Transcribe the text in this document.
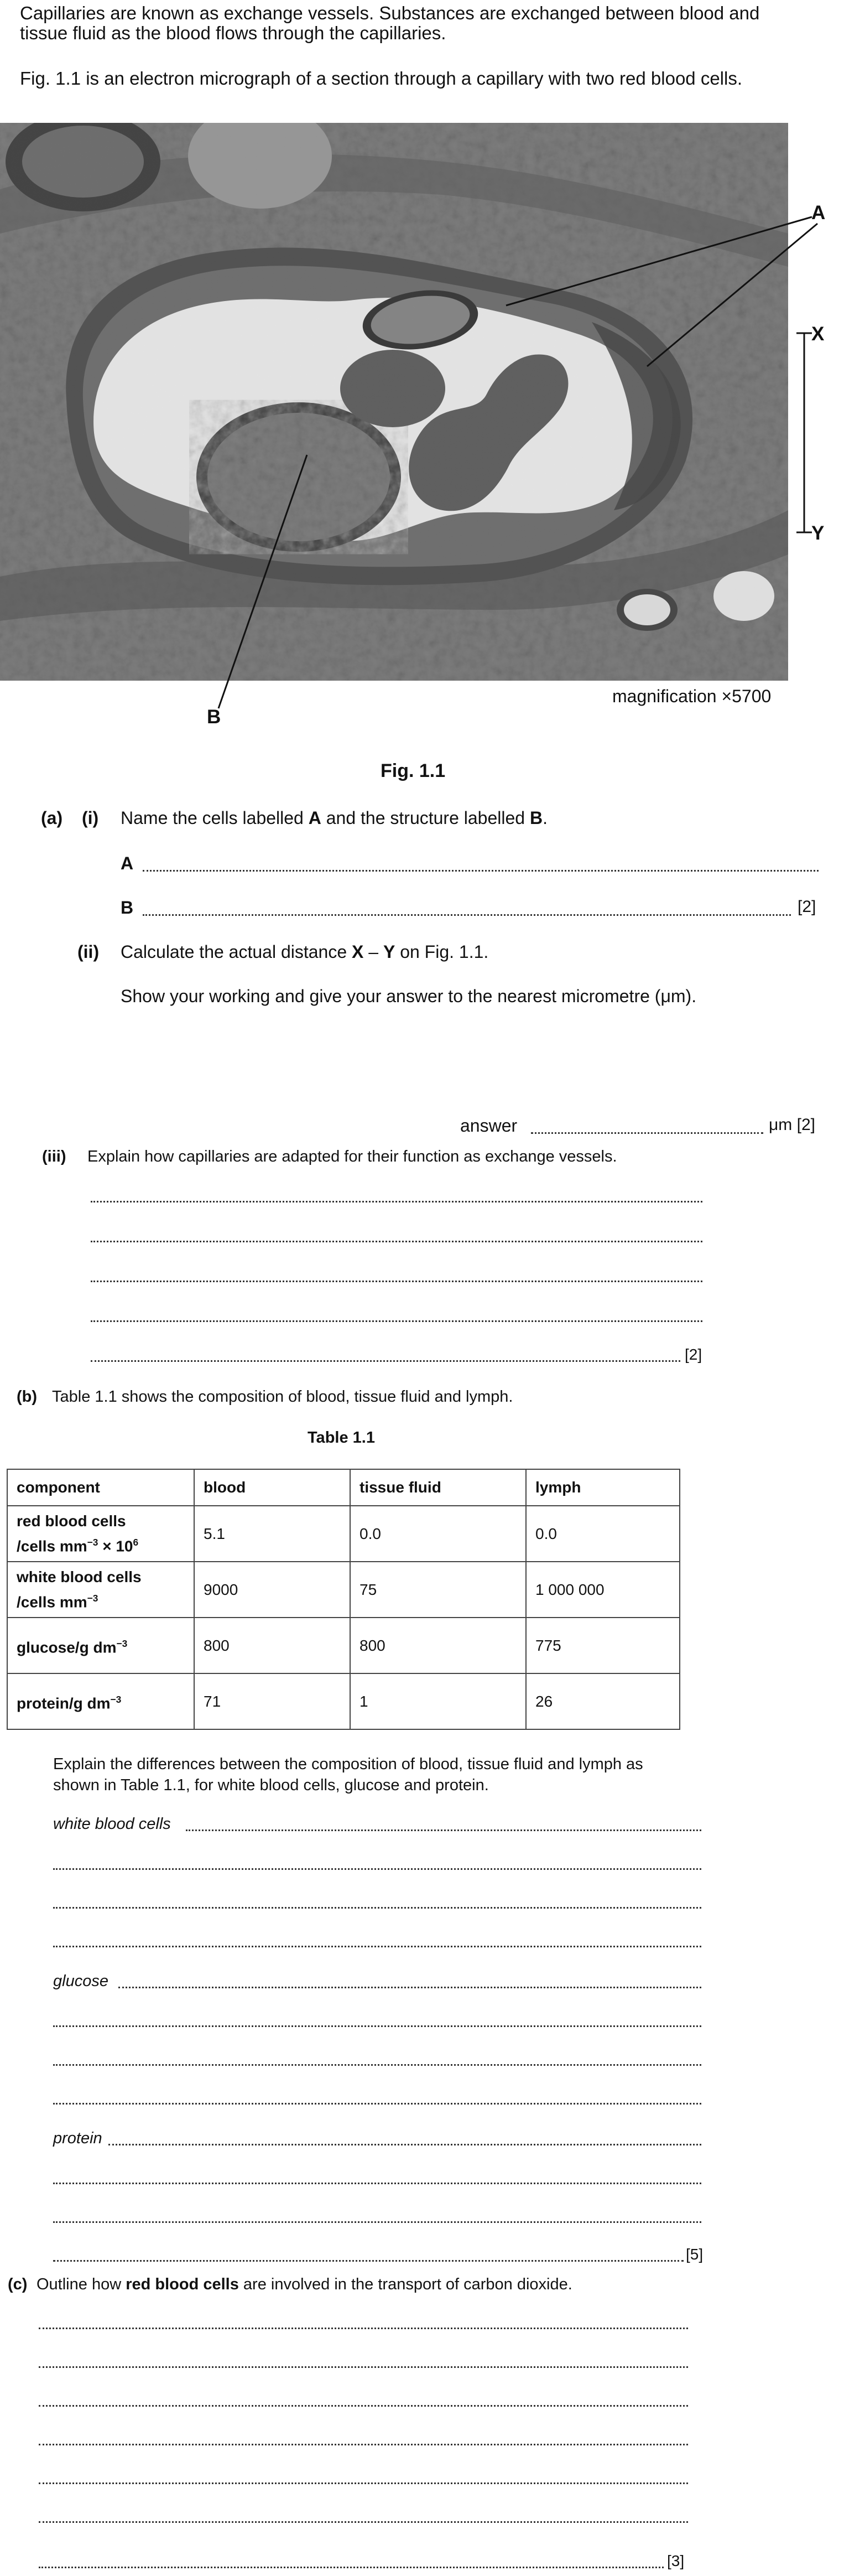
Capillaries are known as exchange vessels. Substances are exchanged between blood and
tissue fluid as the blood flows through the capillaries.
Fig. 1.1 is an electron micrograph of a section through a capillary with two red blood cells.
A
X
Y
B
magnification ×5700
Fig. 1.1
(a) (i) Name the cells labelled A and the structure labelled B.
A
B	[2]
(ii) Calculate the actual distance X – Y on Fig. 1.1.
Show your working and give your answer to the nearest micrometre (μm).
answer	μm [2]
(iii) Explain how capillaries are adapted for their function as exchange vessels.
[2]
(b) Table 1.1 shows the composition of blood, tissue fluid and lymph.
Table 1.1
component	blood	tissue fluid	lymph
red blood cells
/cells $mm^{-3} \times 10^6$	5.1	0.0	0.0
white blood cells
/cells $mm^{-3}$	9000	75	1 000 000
glucose/g $dm^{-3}$	800	800	775
protein/g $dm^{-3}$	71	1	26
Explain the differences between the composition of blood, tissue fluid and lymph as
shown in Table 1.1, for white blood cells, glucose and protein.
white blood cells
glucose
protein
[5]
(c) Outline how red blood cells are involved in the transport of carbon dioxide.
[3]
